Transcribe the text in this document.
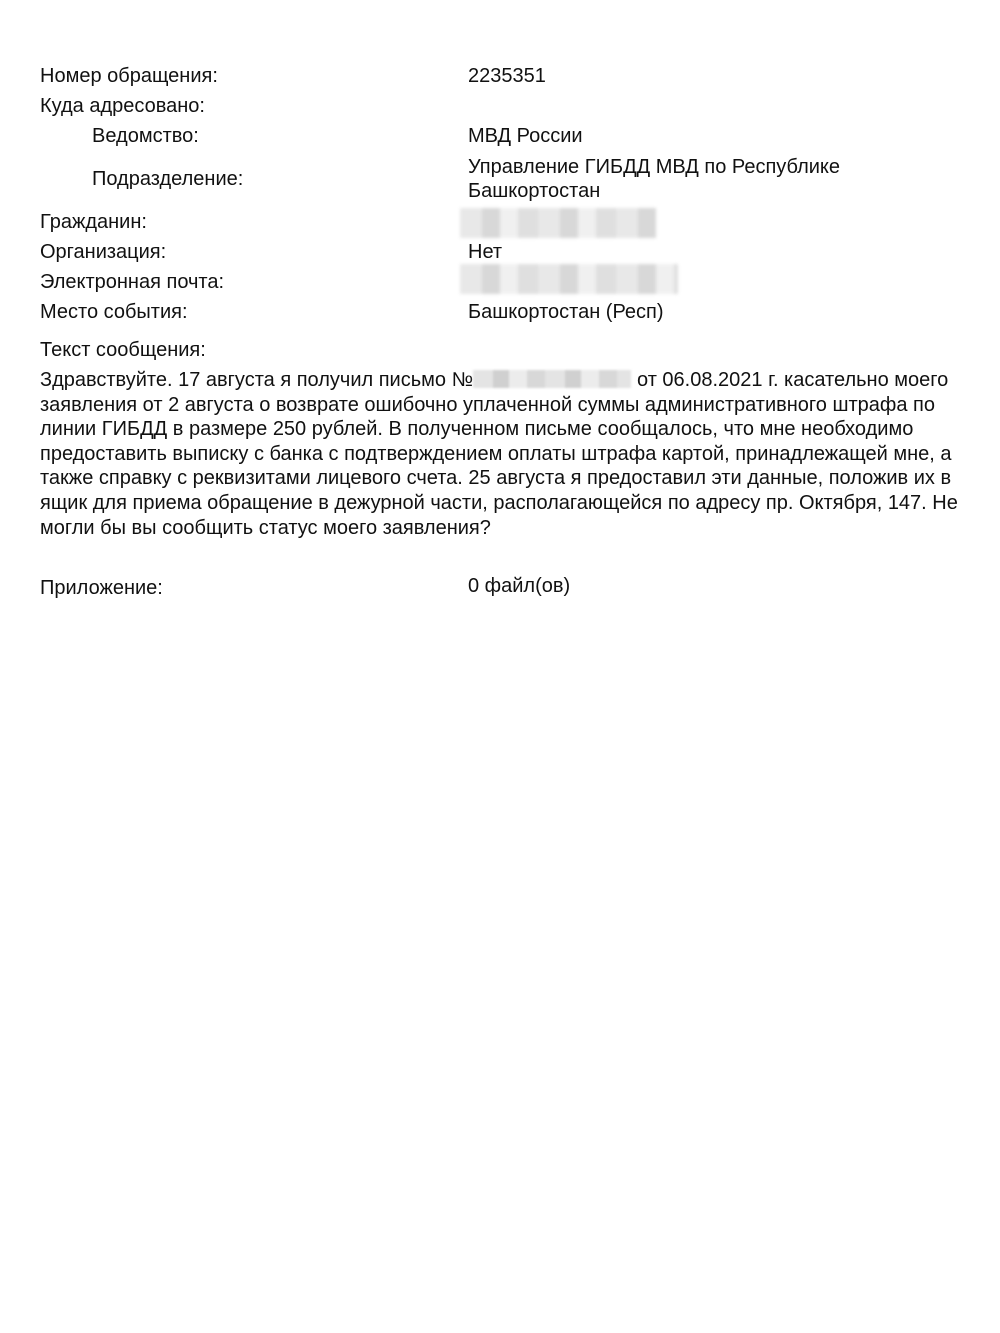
Номер обращения:	2235351
Куда адресовано:
Ведомство:	МВД России
Подразделение:
Управление ГИБДД МВД по Республике Башкортостан
Гражданин:
Организация:	Нет
Электронная почта:
Место события:	Башкортостан (Респ)
Текст сообщения:
Здравствуйте. 17 августа я получил письмо №	от 06.08.2021 г. касательно моего заявления от 2 августа о возврате ошибочно уплаченной суммы административного штрафа по линии ГИБДД в размере 250 рублей. В полученном письме сообщалось, что мне необходимо предоставить выписку с банка с подтверждением оплаты штрафа картой, принадлежащей мне, а также справку с реквизитами лицевого счета. 25 августа я предоставил эти данные, положив их в ящик для приема обращение в дежурной части, располагающейся по адресу пр. Октября, 147. Не могли бы вы сообщить статус моего заявления?
Приложение:	0 файл(ов)
